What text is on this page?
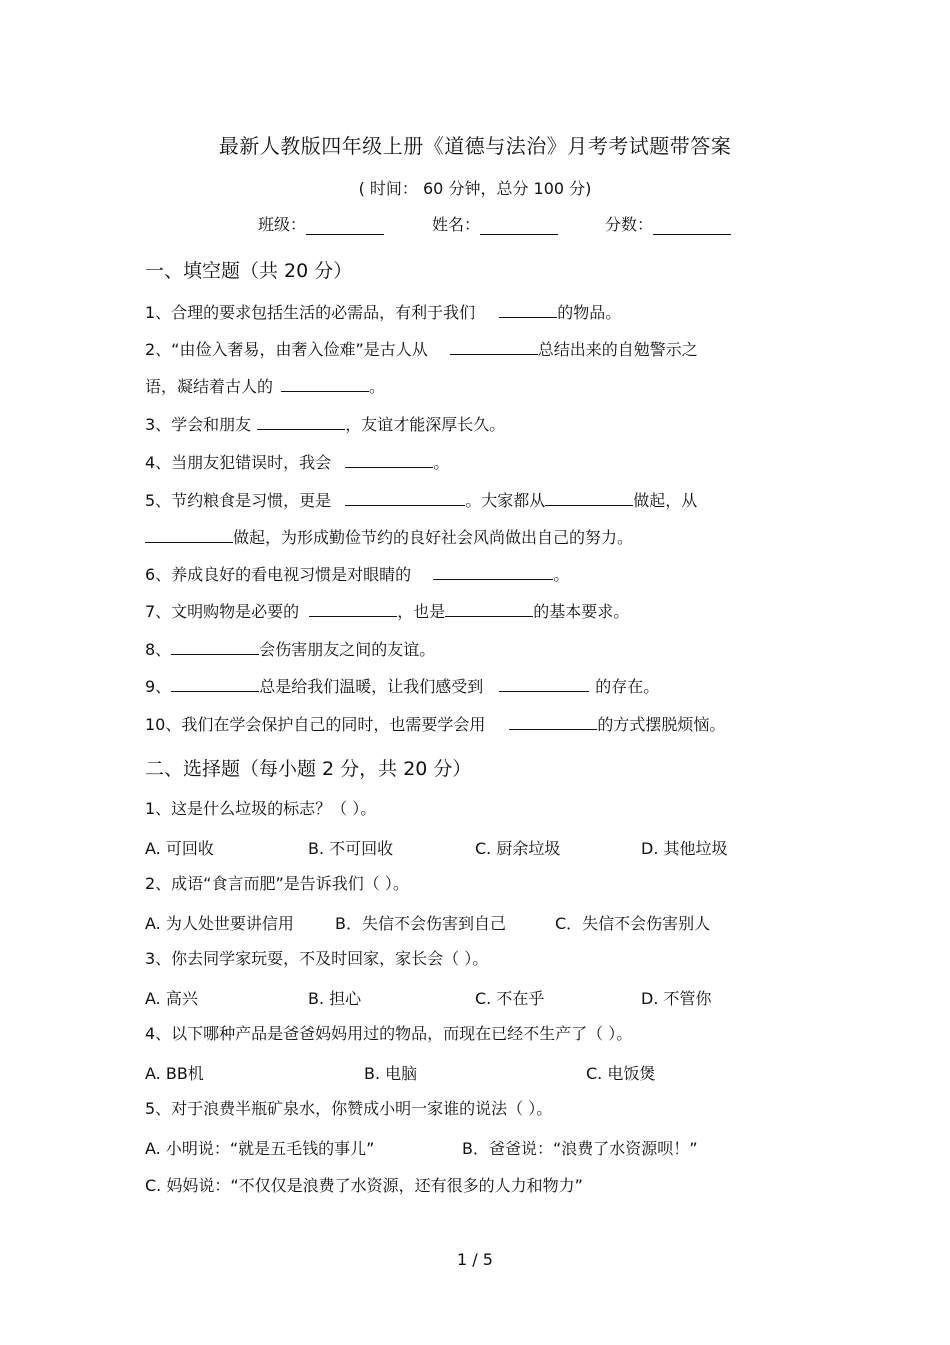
最新人教版四年级上册《道德与法治》月考考试题带答案
( 时间： 60 分钟，总分 100 分)
班级：	姓名：	分数：
一、填空题（共 20 分）
1、合理的要求包括生活的必需品，有利于我们	的物品。
2、“由俭入奢易，由奢入俭难”是古人从	总结出来的自勉警示之
语，凝结着古人的	。
3、学会和朋友	，友谊才能深厚长久。
4、当朋友犯错误时，我会	。
5、节约粮食是习惯，更是	。大家都从	做起，从
做起，为形成勤俭节约的良好社会风尚做出自己的努力。
6、养成良好的看电视习惯是对眼睛的	。
7、文明购物是必要的	，也是	的基本要求。
8、	会伤害朋友之间的友谊。
9、	总是给我们温暖，让我们感受到	的存在。
10、我们在学会保护自己的同时，也需要学会用	的方式摆脱烦恼。
二、选择题（每小题 2 分，共 20 分）
1、这是什么垃圾的标志？（ ）。
A. 可回收	B. 不可回收	C. 厨余垃圾	D. 其他垃圾
2、成语“食言而肥”是告诉我们（ ）。
A. 为人处世要讲信用	B．失信不会伤害到自己	C．失信不会伤害别人
3、你去同学家玩耍，不及时回家，家长会（ ）。
A. 高兴	B. 担心	C. 不在乎	D. 不管你
4、以下哪种产品是爸爸妈妈用过的物品，而现在已经不生产了（ ）。
A. BB机	B. 电脑	C. 电饭煲
5、对于浪费半瓶矿泉水，你赞成小明一家谁的说法（ ）。
A. 小明说：“就是五毛钱的事儿”	B．爸爸说：“浪费了水资源呗！”
C. 妈妈说：“不仅仅是浪费了水资源，还有很多的人力和物力”
1 / 5
